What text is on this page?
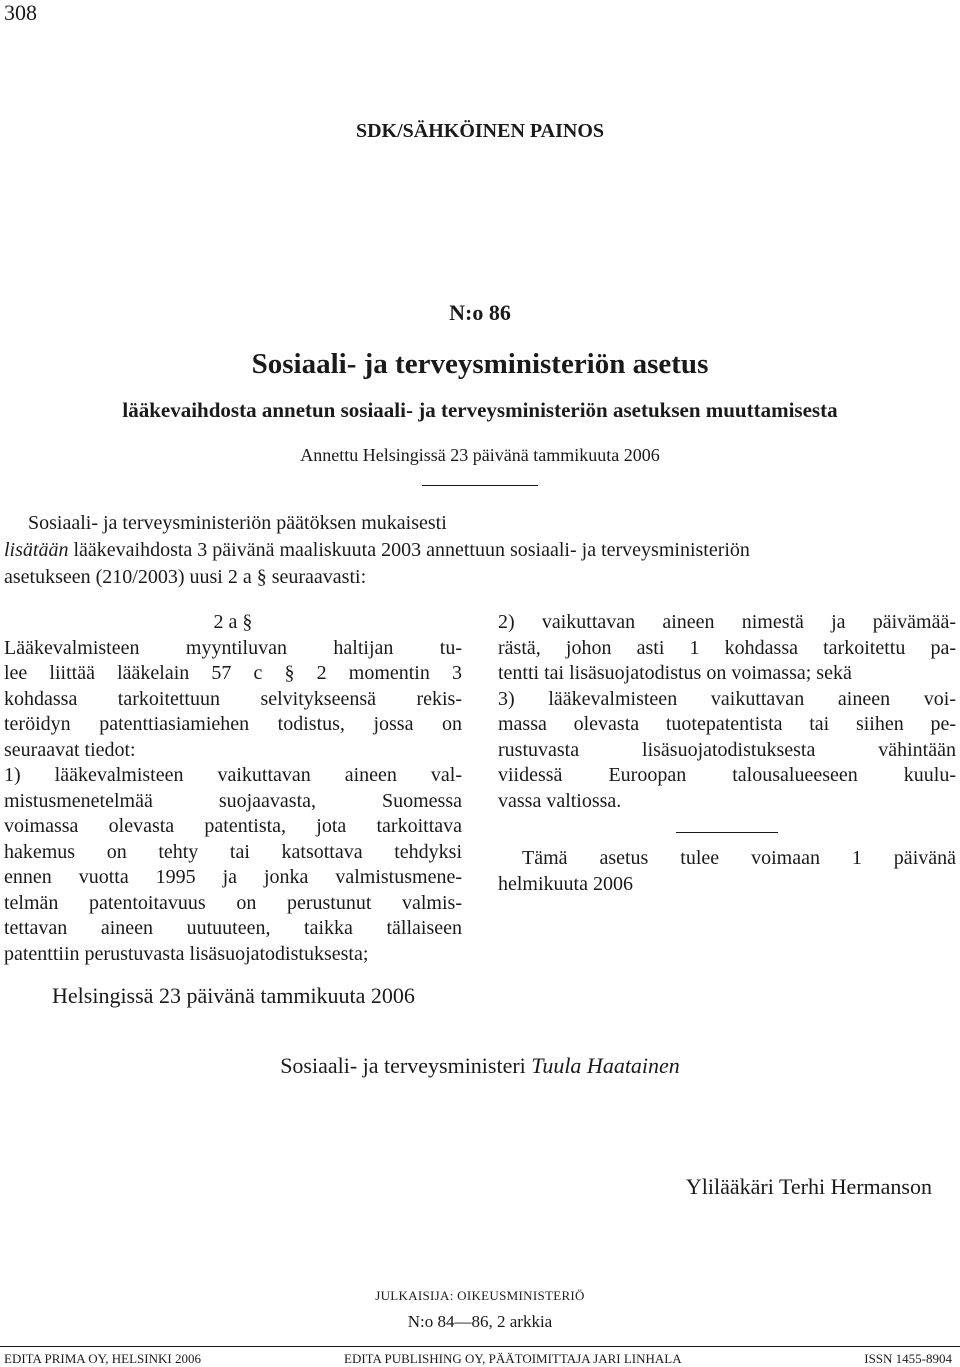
308
SDK/SÄHKÖINEN PAINOS
N:o 86
Sosiaali- ja terveysministeriön asetus
lääkevaihdosta annetun sosiaali- ja terveysministeriön asetuksen muuttamisesta
Annettu Helsingissä 23 päivänä tammikuuta 2006
Sosiaali- ja terveysministeriön päätöksen mukaisesti
lisätään lääkevaihdosta 3 päivänä maaliskuuta 2003 annettuun sosiaali- ja terveysministeriön
asetukseen (210/2003) uusi 2 a § seuraavasti:
2 a §
Lääkevalmisteen myyntiluvan haltijan tu-
lee liittää lääkelain 57 c § 2 momentin 3
kohdassa tarkoitettuun selvitykseensä rekis-
teröidyn patenttiasiamiehen todistus, jossa on
seuraavat tiedot:
1) lääkevalmisteen vaikuttavan aineen val-
mistusmenetelmää suojaavasta, Suomessa
voimassa olevasta patentista, jota tarkoittava
hakemus on tehty tai katsottava tehdyksi
ennen vuotta 1995 ja jonka valmistusmene-
telmän patentoitavuus on perustunut valmis-
tettavan aineen uutuuteen, taikka tällaiseen
patenttiin perustuvasta lisäsuojatodistuksesta;
2) vaikuttavan aineen nimestä ja päivämää-
rästä, johon asti 1 kohdassa tarkoitettu pa-
tentti tai lisäsuojatodistus on voimassa; sekä
3) lääkevalmisteen vaikuttavan aineen voi-
massa olevasta tuotepatentista tai siihen pe-
rustuvasta lisäsuojatodistuksesta vähintään
viidessä Euroopan talousalueeseen kuulu-
vassa valtiossa.
Tämä asetus tulee voimaan 1 päivänä
helmikuuta 2006
Helsingissä 23 päivänä tammikuuta 2006
Sosiaali- ja terveysministeri Tuula Haatainen
Ylilääkäri Terhi Hermanson
JULKAISIJA: OIKEUSMINISTERIÖ
N:o 84—86, 2 arkkia
EDITA PRIMA OY, HELSINKI 2006	EDITA PUBLISHING OY, PÄÄTOIMITTAJA JARI LINHALA	ISSN 1455-8904
